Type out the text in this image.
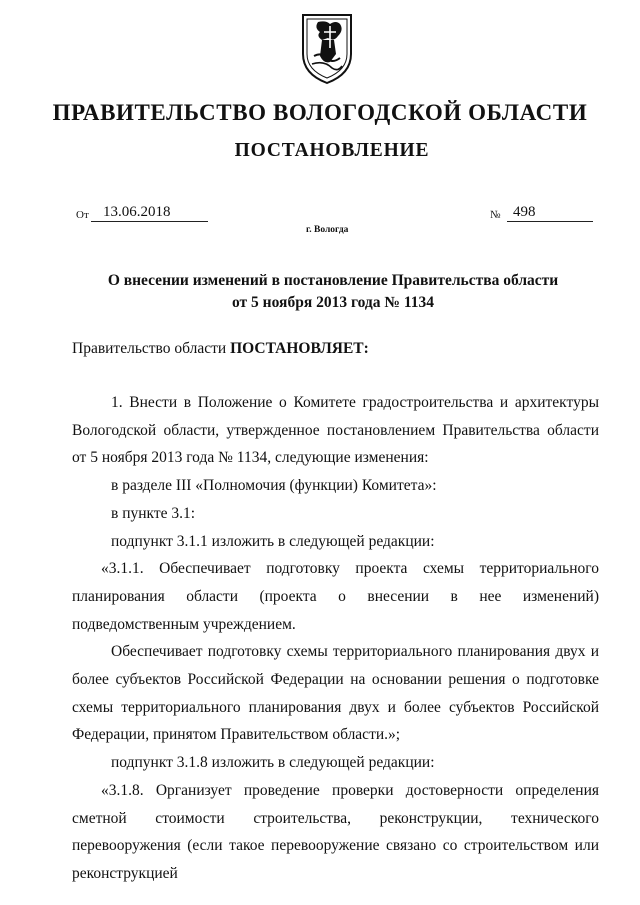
ПРАВИТЕЛЬСТВО ВОЛОГОДСКОЙ ОБЛАСТИ
ПОСТАНОВЛЕНИЕ
От 13.06.2018	№ 498
г. Вологда
О внесении изменений в постановление Правительства области
от 5 ноября 2013 года № 1134
Правительство области ПОСТАНОВЛЯЕТ:

1. Внести в Положение о Комитете градостроительства и архитектуры Вологодской области, утвержденное постановлением Правительства области от 5 ноября 2013 года № 1134, следующие изменения:

в разделе III «Полномочия (функции) Комитета»:

в пункте 3.1:

подпункт 3.1.1 изложить в следующей редакции:

«3.1.1. Обеспечивает подготовку проекта схемы территориального планирования области (проекта о внесении в нее изменений) подведомственным учреждением.

Обеспечивает подготовку схемы территориального планирования двух и более субъектов Российской Федерации на основании решения о подготовке схемы территориального планирования двух и более субъектов Российской Федерации, принятом Правительством области.»;

подпункт 3.1.8 изложить в следующей редакции:

«3.1.8. Организует проведение проверки достоверности определения сметной стоимости строительства, реконструкции, технического перевооружения (если такое перевооружение связано со строительством или реконструкцией
